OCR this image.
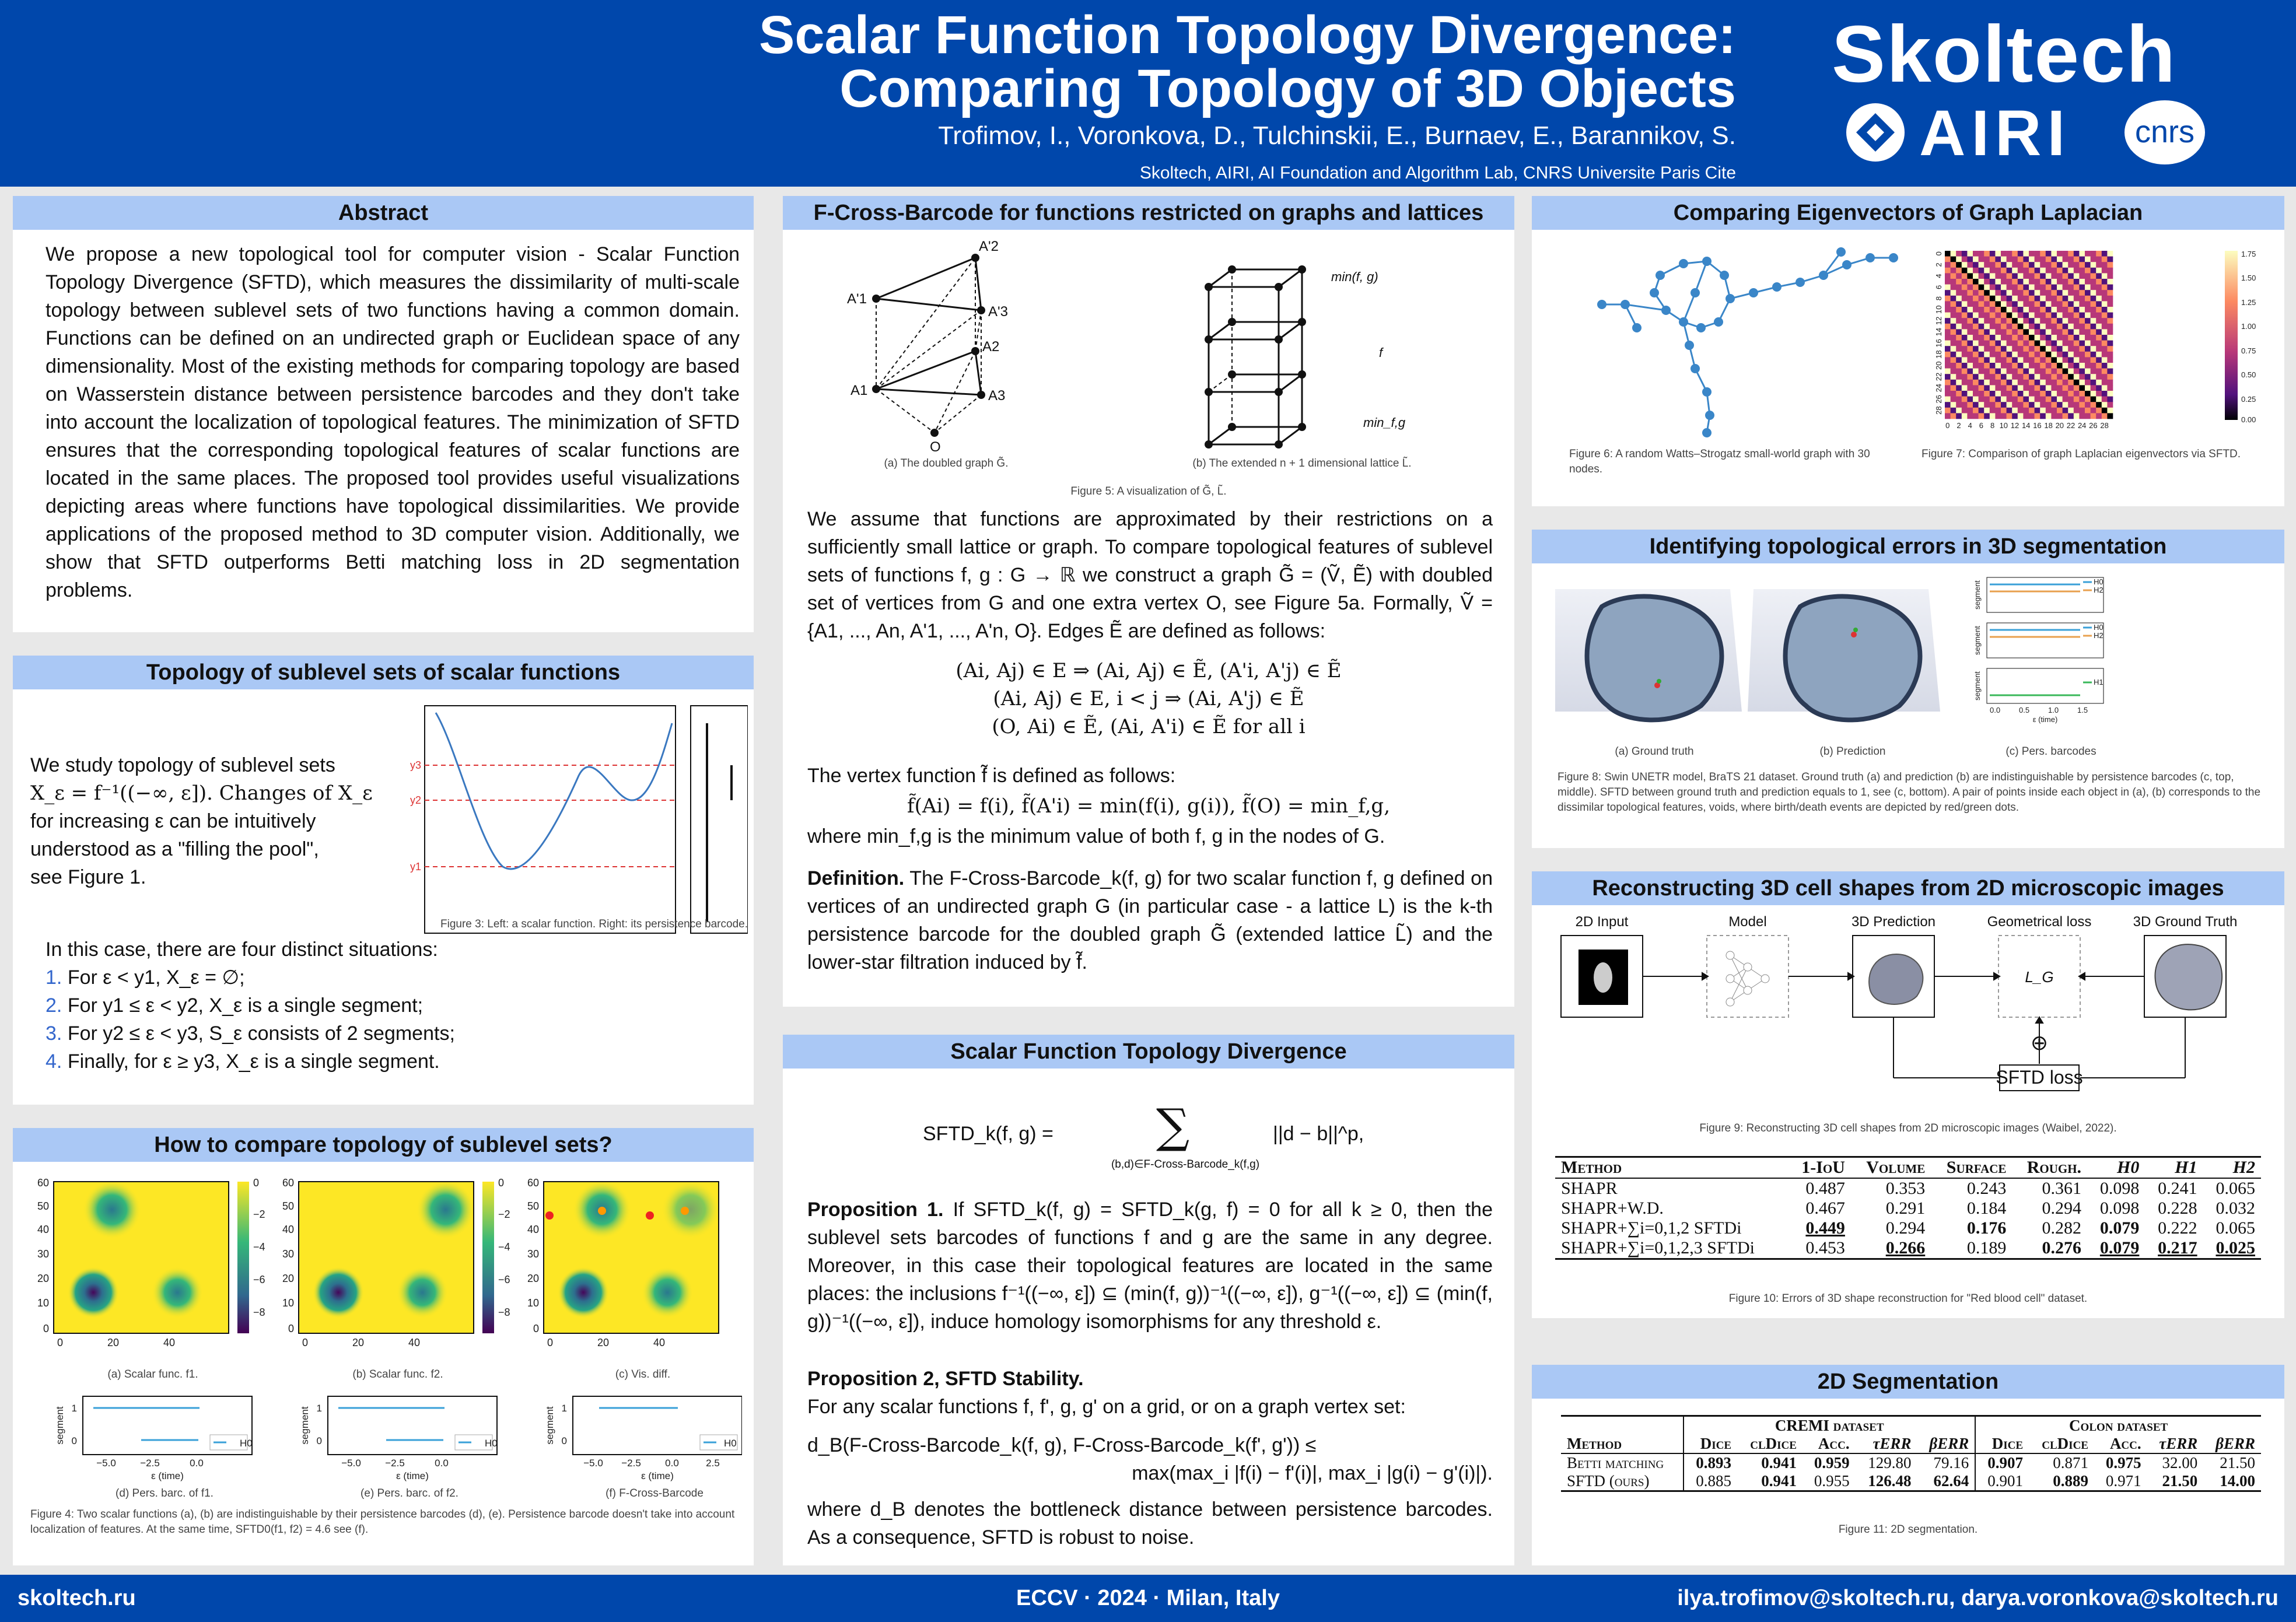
Scalar Function Topology Divergence:
Comparing Topology of 3D Objects
Trofimov, I., Voronkova, D., Tulchinskii, E., Burnaev, E., Barannikov, S.
Skoltech, AIRI, AI Foundation and Algorithm Lab, CNRS Universite Paris Cite
Skoltech
AIRI	cnrs
Abstract
We propose a new topological tool for computer vision - Scalar Function Topology Divergence (SFTD), which measures the dissimilarity of multi-scale topology between sublevel sets of two functions having a common domain. Functions can be defined on an undirected graph or Euclidean space of any dimensionality. Most of the existing methods for comparing topology are based on Wasserstein distance between persistence barcodes and they don't take into account the localization of topological features. The minimization of SFTD ensures that the corresponding topological features of scalar functions are located in the same places. The proposed tool provides useful visualizations depicting areas where functions have topological dissimilarities. We provide applications of the proposed method to 3D computer vision. Additionally, we show that SFTD outperforms Betti matching loss in 2D segmentation problems.
Topology of sublevel sets of scalar functions
We study topology of sublevel sets
X_ε = f⁻¹((−∞, ε]). Changes of X_ε
for increasing ε can be intuitively
understood as a "filling the pool",
see Figure 1.
y3
y2
y1
Figure 3: Left: a scalar function. Right: its persistence barcode.
In this case, there are four distinct situations:
1. For ε < y1, X_ε = ∅;
2. For y1 ≤ ε < y2, X_ε is a single segment;
3. For y2 ≤ ε < y3, S_ε consists of 2 segments;
4. Finally, for ε ≥ y3, X_ε is a single segment.
How to compare topology of sublevel sets?
60
50
40
30
20
10
0
0	20	40
60
50
40
30
20
10
0
0	20	40
60
50
40
30
20
10
0
0	20	40
0
−2
−4
−6
−8
0
−2
−4
−6
−8
(a) Scalar func. f1.	(b) Scalar func. f2.	(c) Vis. diff.
H0	H0	H0
1
0
1
0
1
0
−5.0 −2.5	0.0	−5.0 −2.5	0.0	−5.0 −2.5 0.0	2.5
ε (time)	ε (time)	ε (time)
segment	segment	segment
(d) Pers. barc. of f1.	(e) Pers. barc. of f2.	(f) F-Cross-Barcode
Figure 4: Two scalar functions (a), (b) are indistinguishable by their persistence barcodes (d), (e). Persistence barcode doesn't take into account localization of features. At the same time, SFTD0(f1, f2) = 4.6 see (f).
F-Cross-Barcode for functions restricted on graphs and lattices
A'2
A'1
A'3
A2
A1	A3
O
min(f, g)
f
min_f,g
(a) The doubled graph G̃.	(b) The extended n + 1 dimensional lattice L̃.
Figure 5: A visualization of G̃, L̃.
We assume that functions are approximated by their restrictions on a sufficiently small lattice or graph. To compare topological features of sublevel sets of functions f, g : G → ℝ we construct a graph G̃ = (Ṽ, Ẽ) with doubled set of vertices from G and one extra vertex O, see Figure 5a. Formally, Ṽ = {A1, ..., An, A'1, ..., A'n, O}. Edges Ẽ are defined as follows:
(Ai, Aj) ∈ E ⇒ (Ai, Aj) ∈ Ẽ, (A'i, A'j) ∈ Ẽ
(Ai, Aj) ∈ E, i < j ⇒ (Ai, A'j) ∈ Ẽ
(O, Ai) ∈ Ẽ, (Ai, A'i) ∈ Ẽ for all i
The vertex function f̃ is defined as follows:
f̃(Ai) = f(i), f̃(A'i) = min(f(i), g(i)), f̃(O) = min_f,g,
where min_f,g is the minimum value of both f, g in the nodes of G.
Definition. The F-Cross-Barcode_k(f, g) for two scalar function f, g defined on vertices of an undirected graph G (in particular case - a lattice L) is the k-th persistence barcode for the doubled graph G̃ (extended lattice L̃) and the lower-star filtration induced by f̃.
Scalar Function Topology Divergence
SFTD_k(f, g) = ∑
(b,d)∈F-Cross-Barcode_k(f,g)
||d − b||^p,
Proposition 1. If SFTD_k(f, g) = SFTD_k(g, f) = 0 for all k ≥ 0, then the sublevel sets barcodes of functions f and g are the same in any degree. Moreover, in this case their topological features are located in the same places: the inclusions f⁻¹((−∞, ε]) ⊆ (min(f, g))⁻¹((−∞, ε]), g⁻¹((−∞, ε]) ⊆ (min(f, g))⁻¹((−∞, ε]), induce homology isomorphisms for any threshold ε.
Proposition 2, SFTD Stability.
For any scalar functions f, f', g, g' on a grid, or on a graph vertex set:
d_B(F-Cross-Barcode_k(f, g), F-Cross-Barcode_k(f', g')) ≤
max(max_i |f(i) − f'(i)|, max_i |g(i) − g'(i)|).
where d_B denotes the bottleneck distance between persistence barcodes. As a consequence, SFTD is robust to noise.
Comparing Eigenvectors of Graph Laplacian
Figure 6: A random Watts–Strogatz small-world graph with 30 nodes.
1.75
1.50
1.25
1.00
0.75
0.50
0.25
0.00
0
0
2
2
4
4
6
6
8
8
10
10
12
12
14
14
16
16
18
18
20
20
22
22
24
24
26
26
28
28
Figure 7: Comparison of graph Laplacian eigenvectors via SFTD.
Identifying topological errors in 3D segmentation
H0
H2
H0
H2
H1
0.0 0.5 1.0 1.5
ε (time)
segment
segment
segment
(a) Ground truth	(b) Prediction	(c) Pers. barcodes
Figure 8: Swin UNETR model, BraTS 21 dataset. Ground truth (a) and prediction (b) are indistinguishable by persistence barcodes (c, top, middle). SFTD between ground truth and prediction equals to 1, see (c, bottom). A pair of points inside each object in (a), (b) corresponds to the dissimilar topological features, voids, where birth/death events are depicted by red/green dots.
Reconstructing 3D cell shapes from 2D microscopic images
2D Input	Model	3D Prediction	Geometrical loss	3D Ground Truth
L_G
⊕
SFTD loss
Figure 9: Reconstructing 3D cell shapes from 2D microscopic images (Waibel, 2022).
Method	1-IoU	Volume	Surface	Rough.	H0	H1	H2
SHAPR	0.487	0.353	0.243	0.361	0.098	0.241	0.065
SHAPR+W.D.	0.467	0.291	0.184	0.294	0.098	0.228	0.032
SHAPR+∑i=0,1,2 SFTDi	0.449	0.294	0.176	0.282	0.079	0.222	0.065
SHAPR+∑i=0,1,2,3 SFTDi	0.453	0.266	0.189	0.276	0.079	0.217	0.025
Figure 10: Errors of 3D shape reconstruction for "Red blood cell" dataset.
2D Segmentation
	CREMI dataset					Colon dataset				
Method	Dice	clDice	Acc.	τERR	βERR	Dice	clDice	Acc.	τERR	βERR
Betti matching	0.893	0.941	0.959	129.80	79.16	0.907	0.871	0.975	32.00	21.50
SFTD (ours)	0.885	0.941	0.955	126.48	62.64	0.901	0.889	0.971	21.50	14.00
Figure 11: 2D segmentation.
skoltech.ru	ECCV · 2024 · Milan, Italy	ilya.trofimov@skoltech.ru, darya.voronkova@skoltech.ru
